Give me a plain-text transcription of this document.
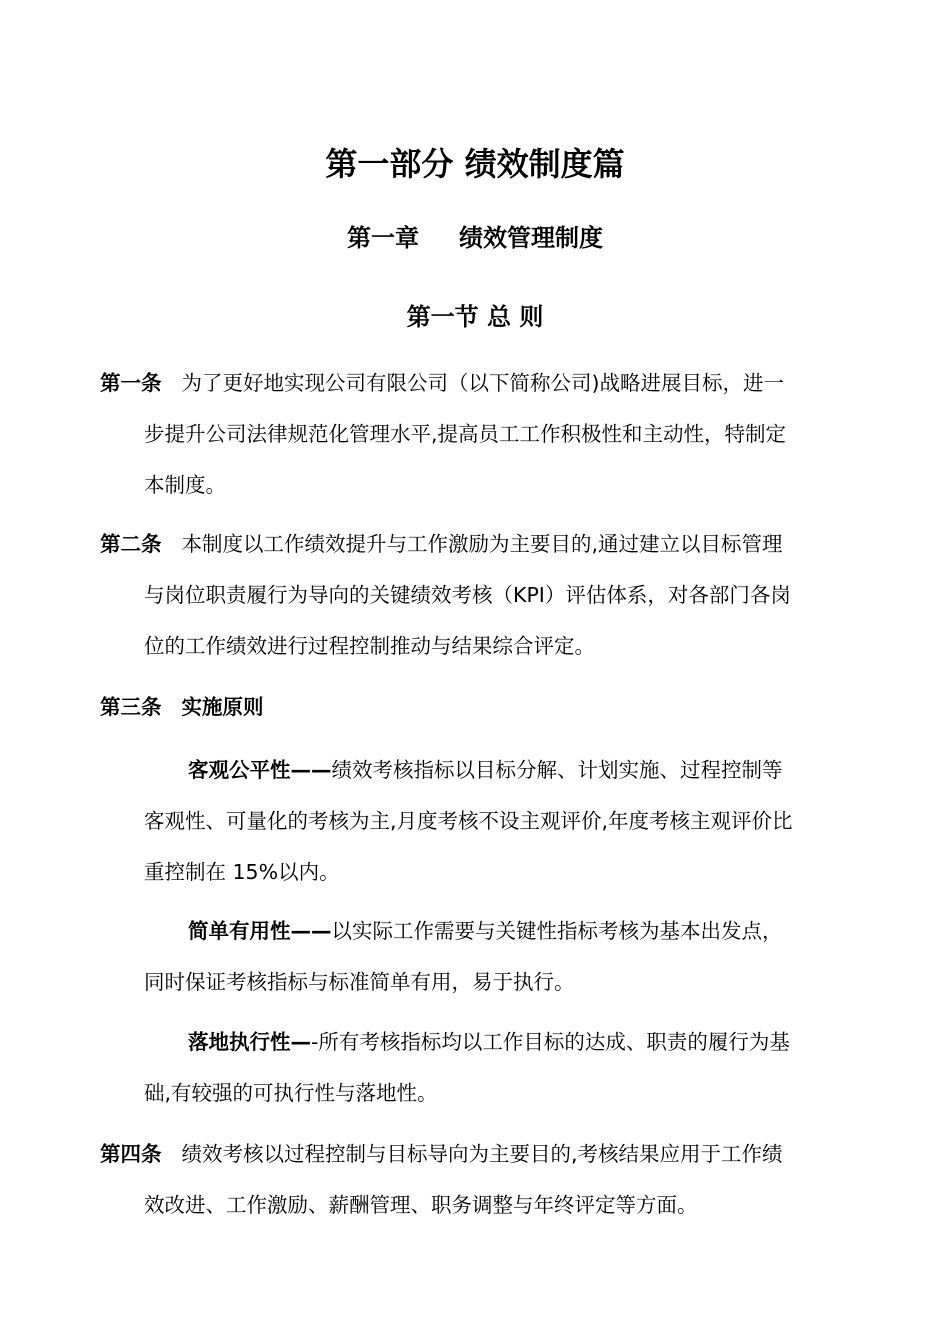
第一部分 绩效制度篇
第一章 绩效管理制度
第一节 总 则
第一条 为了更好地实现公司有限公司（以下简称公司)战略进展目标，进一
步提升公司法律规范化管理水平,提高员工工作积极性和主动性，特制定
本制度。
第二条 本制度以工作绩效提升与工作激励为主要目的,通过建立以目标管理
与岗位职责履行为导向的关键绩效考核（KPI）评估体系，对各部门各岗
位的工作绩效进行过程控制推动与结果综合评定。
第三条 实施原则
客观公平性——绩效考核指标以目标分解、计划实施、过程控制等
客观性、可量化的考核为主,月度考核不设主观评价,年度考核主观评价比
重控制在 15%以内。
简单有用性——以实际工作需要与关键性指标考核为基本出发点，
同时保证考核指标与标准简单有用，易于执行。
落地执行性—-所有考核指标均以工作目标的达成、职责的履行为基
础,有较强的可执行性与落地性。
第四条 绩效考核以过程控制与目标导向为主要目的,考核结果应用于工作绩
效改进、工作激励、薪酬管理、职务调整与年终评定等方面。
